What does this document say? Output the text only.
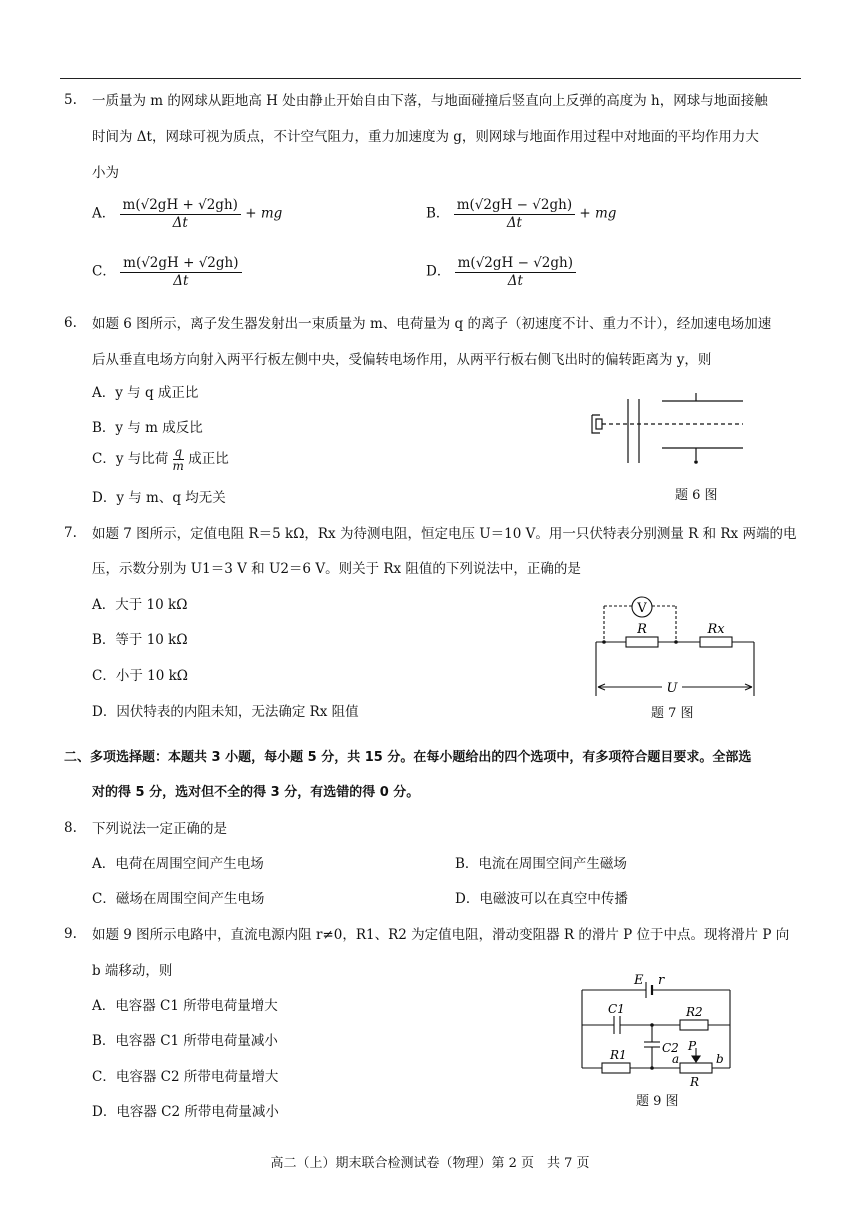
5. 一质量为 m 的网球从距地高 H 处由静止开始自由下落，与地面碰撞后竖直向上反弹的高度为 h，网球与地面接触
时间为 Δt，网球可视为质点，不计空气阻力，重力加速度为 g，则网球与地面作用过程中对地面的平均作用力大
小为
A． $\frac{m(√2gH + √2gh)}{\Delta t}$ + mg	B． $\frac{m(√2gH - √2gh)}{\Delta t}$ + mg
C． $\frac{m(√2gH + √2gh)}{\Delta t}$	D． $\frac{m(√2gH - √2gh)}{\Delta t}$
6. 如题 6 图所示，离子发生器发射出一束质量为 m、电荷量为 q 的离子（初速度不计、重力不计），经加速电场加速
后从垂直电场方向射入两平行板左侧中央，受偏转电场作用，从两平行板右侧飞出时的偏转距离为 y，则
A．y 与 q 成正比
B．y 与 m 成反比
C．y 与比荷 $\frac{q}{m}$ 成正比
D．y 与 m、q 均无关	题 6 图
7. 如题 7 图所示，定值电阻 R＝5 kΩ，Rx 为待测电阻，恒定电压 U＝10 V。用一只伏特表分别测量 R 和 Rx 两端的电
压，示数分别为 U1＝3 V 和 U2＝6 V。则关于 Rx 阻值的下列说法中，正确的是
A．大于 10 kΩ
B．等于 10 kΩ
C．小于 10 kΩ
D．因伏特表的内阻未知，无法确定 Rx 阻值
V
R	Rx
U
题 7 图
二、多项选择题：本题共 3 小题，每小题 5 分，共 15 分。在每小题给出的四个选项中，有多项符合题目要求。全部选
对的得 5 分，选对但不全的得 3 分，有选错的得 0 分。
8. 下列说法一定正确的是
A．电荷在周围空间产生电场	B．电流在周围空间产生磁场
C．磁场在周围空间产生电场	D．电磁波可以在真空中传播
9. 如题 9 图所示电路中，直流电源内阻 r≠0，R1、R2 为定值电阻，滑动变阻器 R 的滑片 P 位于中点。现将滑片 P 向
b 端移动，则
A．电容器 C1 所带电荷量增大
B．电容器 C1 所带电荷量减小
C．电容器 C2 所带电荷量增大
D．电容器 C2 所带电荷量减小
E r
C1	R2
C2 P
R1	a	b
R
题 9 图
高二（上）期末联合检测试卷（物理）第 2 页　共 7 页
